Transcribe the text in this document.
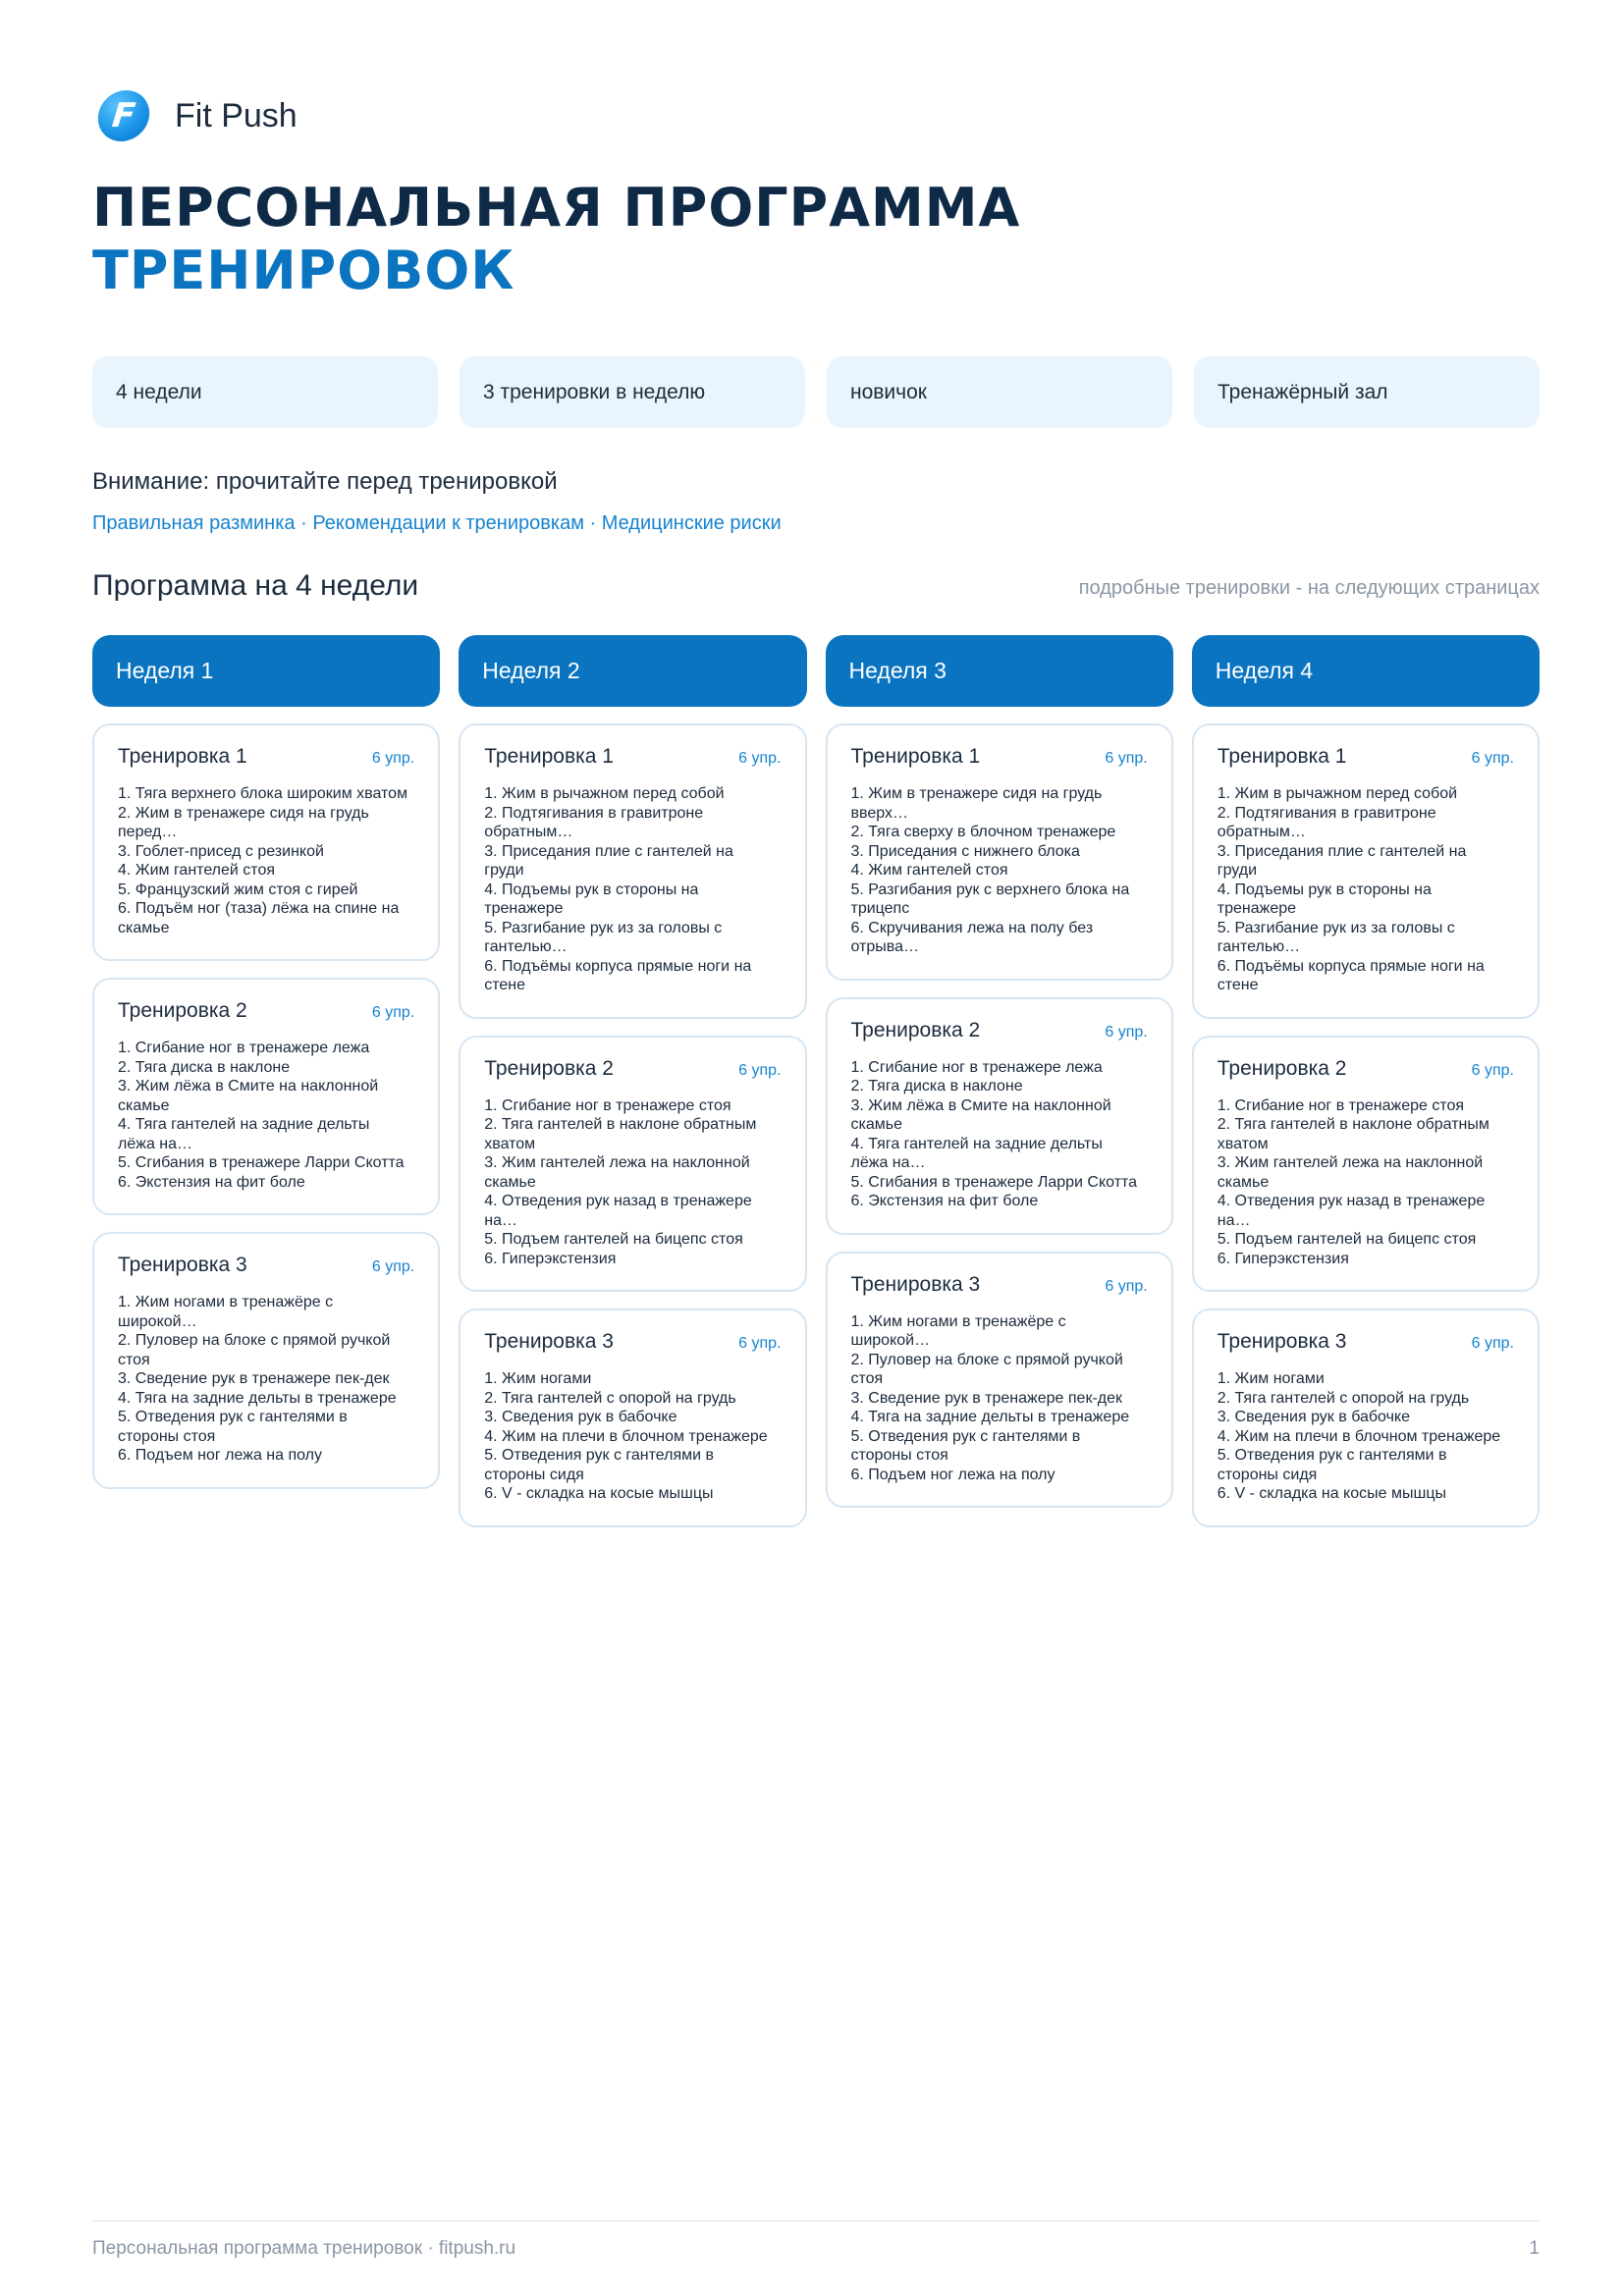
F	Fit Push
ПЕРСОНАЛЬНАЯ ПРОГРАММА
ТРЕНИРОВОК
4 недели	3 тренировки в неделю	новичок	Тренажёрный зал
Внимание: прочитайте перед тренировкой
Правильная разминка · Рекомендации к тренировкам · Медицинские риски
Программа на 4 недели	подробные тренировки - на следующих страницах
Неделя 1
Тренировка 1	6 упр.
1. Тяга верхнего блока широким хватом
2. Жим в тренажере сидя на грудь
перед…
3. Гоблет-присед с резинкой
4. Жим гантелей стоя
5. Французский жим стоя с гирей
6. Подъём ног (таза) лёжа на спине на
скамье
Тренировка 2	6 упр.
1. Сгибание ног в тренажере лежа
2. Тяга диска в наклоне
3. Жим лёжа в Смите на наклонной
скамье
4. Тяга гантелей на задние дельты
лёжа на…
5. Сгибания в тренажере Ларри Скотта
6. Экстензия на фит боле
Тренировка 3	6 упр.
1. Жим ногами в тренажёре с широкой…
2. Пуловер на блоке с прямой ручкой
стоя
3. Сведение рук в тренажере пек-дек
4. Тяга на задние дельты в тренажере
5. Отведения рук с гантелями в
стороны стоя
6. Подъем ног лежа на полу
Неделя 2
Тренировка 1	6 упр.
1. Жим в рычажном перед собой
2. Подтягивания в гравитроне
обратным…
3. Приседания плие с гантелей на
груди
4. Подъемы рук в стороны на
тренажере
5. Разгибание рук из за головы с
гантелью…
6. Подъёмы корпуса прямые ноги на
стене
Тренировка 2	6 упр.
1. Сгибание ног в тренажере стоя
2. Тяга гантелей в наклоне обратным
хватом
3. Жим гантелей лежа на наклонной
скамье
4. Отведения рук назад в тренажере
на…
5. Подъем гантелей на бицепс стоя
6. Гиперэкстензия
Тренировка 3	6 упр.
1. Жим ногами
2. Тяга гантелей с опорой на грудь
3. Сведения рук в бабочке
4. Жим на плечи в блочном тренажере
5. Отведения рук с гантелями в
стороны сидя
6. V - складка на косые мышцы
Неделя 3
Тренировка 1	6 упр.
1. Жим в тренажере сидя на грудь
вверх…
2. Тяга сверху в блочном тренажере
3. Приседания с нижнего блока
4. Жим гантелей стоя
5. Разгибания рук с верхнего блока на
трицепс
6. Скручивания лежа на полу без
отрыва…
Тренировка 2	6 упр.
1. Сгибание ног в тренажере лежа
2. Тяга диска в наклоне
3. Жим лёжа в Смите на наклонной
скамье
4. Тяга гантелей на задние дельты
лёжа на…
5. Сгибания в тренажере Ларри Скотта
6. Экстензия на фит боле
Тренировка 3	6 упр.
1. Жим ногами в тренажёре с широкой…
2. Пуловер на блоке с прямой ручкой
стоя
3. Сведение рук в тренажере пек-дек
4. Тяга на задние дельты в тренажере
5. Отведения рук с гантелями в
стороны стоя
6. Подъем ног лежа на полу
Неделя 4
Тренировка 1	6 упр.
1. Жим в рычажном перед собой
2. Подтягивания в гравитроне
обратным…
3. Приседания плие с гантелей на
груди
4. Подъемы рук в стороны на
тренажере
5. Разгибание рук из за головы с
гантелью…
6. Подъёмы корпуса прямые ноги на
стене
Тренировка 2	6 упр.
1. Сгибание ног в тренажере стоя
2. Тяга гантелей в наклоне обратным
хватом
3. Жим гантелей лежа на наклонной
скамье
4. Отведения рук назад в тренажере
на…
5. Подъем гантелей на бицепс стоя
6. Гиперэкстензия
Тренировка 3	6 упр.
1. Жим ногами
2. Тяга гантелей с опорой на грудь
3. Сведения рук в бабочке
4. Жим на плечи в блочном тренажере
5. Отведения рук с гантелями в
стороны сидя
6. V - складка на косые мышцы
Персональная программа тренировок · fitpush.ru	1
